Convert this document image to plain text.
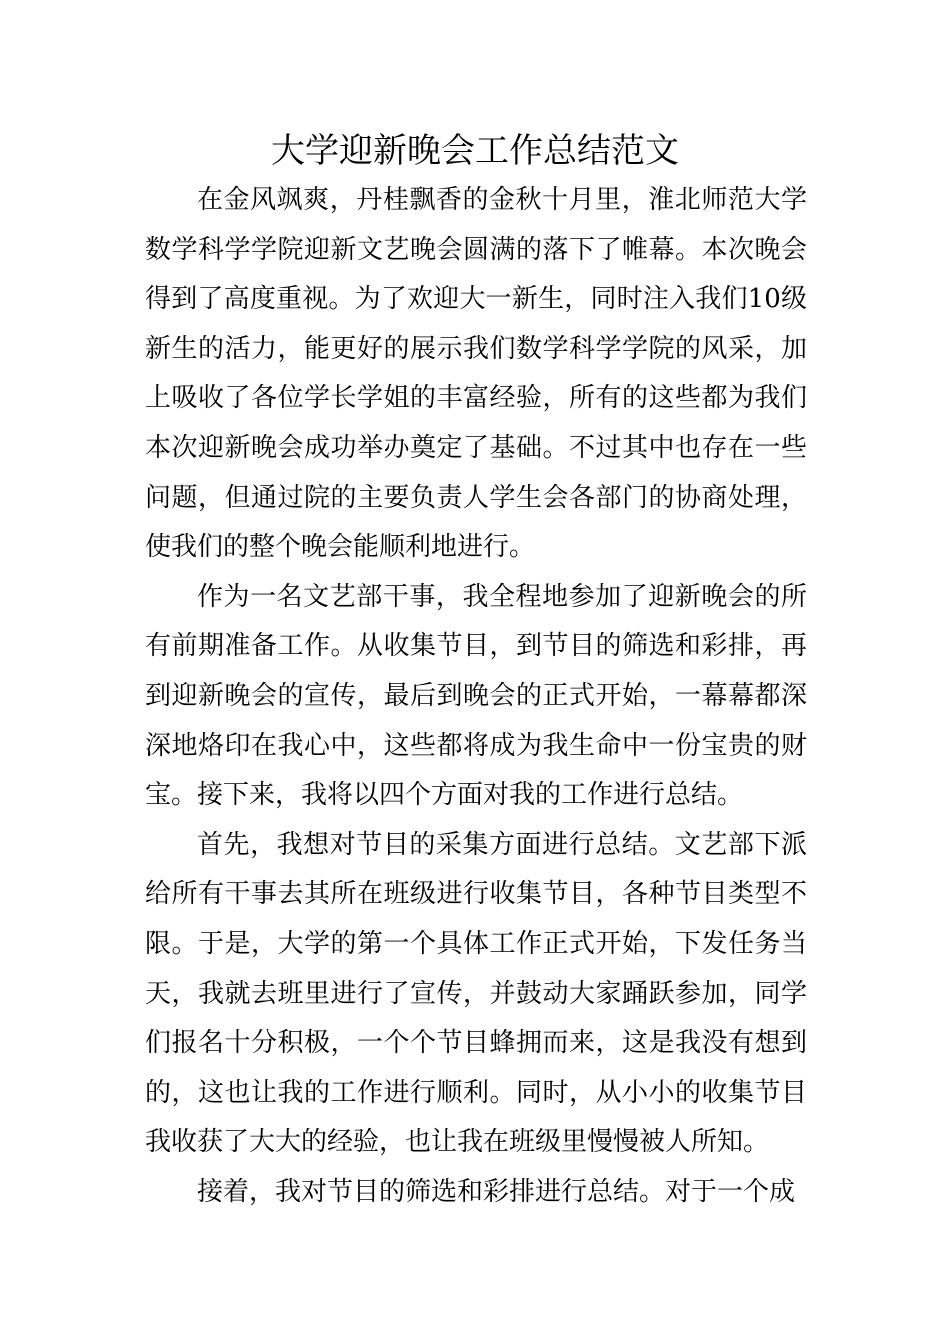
大学迎新晚会工作总结范文

在金风飒爽，丹桂飘香的金秋十月里，淮北师范大学数学科学学院迎新文艺晚会圆满的落下了帷幕。本次晚会得到了高度重视。为了欢迎大一新生，同时注入我们10级新生的活力，能更好的展示我们数学科学学院的风采，加上吸收了各位学长学姐的丰富经验，所有的这些都为我们本次迎新晚会成功举办奠定了基础。不过其中也存在一些问题，但通过院的主要负责人学生会各部门的协商处理，使我们的整个晚会能顺利地进行。

作为一名文艺部干事，我全程地参加了迎新晚会的所有前期准备工作。从收集节目，到节目的筛选和彩排，再到迎新晚会的宣传，最后到晚会的正式开始，一幕幕都深深地烙印在我心中，这些都将成为我生命中一份宝贵的财宝。接下来，我将以四个方面对我的工作进行总结。

首先，我想对节目的采集方面进行总结。文艺部下派给所有干事去其所在班级进行收集节目，各种节目类型不限。于是，大学的第一个具体工作正式开始，下发任务当天，我就去班里进行了宣传，并鼓动大家踊跃参加，同学们报名十分积极，一个个节目蜂拥而来，这是我没有想到的，这也让我的工作进行顺利。同时，从小小的收集节目我收获了大大的经验，也让我在班级里慢慢被人所知。

接着，我对节目的筛选和彩排进行总结。对于一个成
